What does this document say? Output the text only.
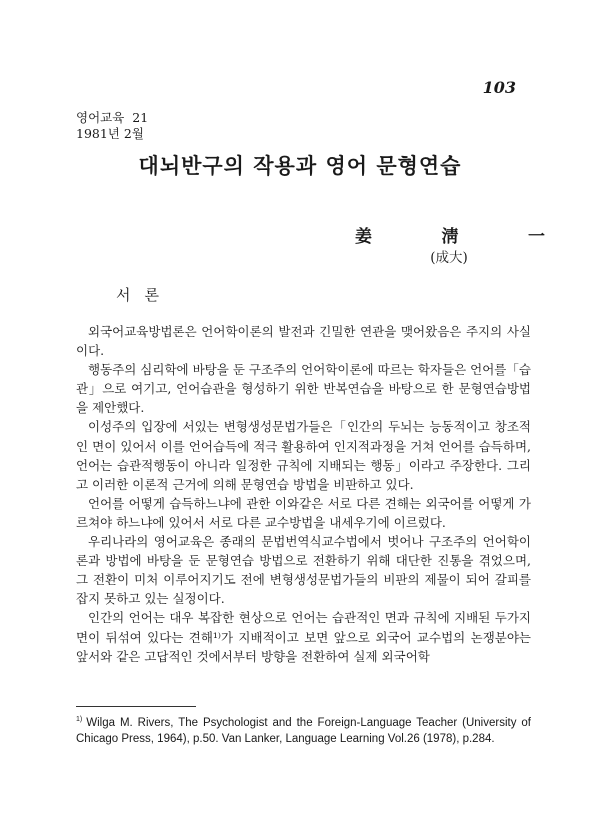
103
영어교육  21
1981년 2월
대뇌반구의 작용과 영어 문형연습
姜	淸	一
(成大)
서론

외국어교육방법론은 언어학이론의 발전과 긴밀한 연관을 맺어왔음은 주지의 사실이다.

행동주의 심리학에 바탕을 둔 구조주의 언어학이론에 따르는 학자들은 언어를「습관」으로 여기고, 언어습관을 형성하기 위한 반복연습을 바탕으로 한 문형연습방법을 제안했다.

이성주의 입장에 서있는 변형생성문법가들은「인간의 두뇌는 능동적이고 창조적인 면이 있어서 이를 언어습득에 적극 활용하여 인지적과정을 거쳐 언어를 습득하며, 언어는 습관적행동이 아니라 일정한 규칙에 지배되는 행동」이라고 주장한다. 그리고 이러한 이론적 근거에 의해 문형연습 방법을 비판하고 있다.

언어를 어떻게 습득하느냐에 관한 이와같은 서로 다른 견해는 외국어를 어떻게 가르쳐야 하느냐에 있어서 서로 다른 교수방법을 내세우기에 이르렀다.

우리나라의 영어교육은 종래의 문법번역식교수법에서 벗어나 구조주의 언어학이론과 방법에 바탕을 둔 문형연습 방법으로 전환하기 위해 대단한 진통을 겪었으며, 그 전환이 미처 이루어지기도 전에 변형생성문법가들의 비판의 제물이 되어 갈피를 잡지 못하고 있는 실정이다.

인간의 언어는 대우 복잡한 현상으로 언어는 습관적인 면과 규칙에 지배된 두가지 면이 뒤섞여 있다는 견해¹⁾가 지배적이고 보면 앞으로 외국어 교수법의 논쟁분야는 앞서와 같은 고답적인 것에서부터 방향을 전환하여 실제 외국어학

$^{1)}$ Wilga M. Rivers, The Psychologist and the Foreign-Language Teacher (University of Chicago Press, 1964), p.50. Van Lanker, Language Learning Vol.26 (1978), p.284.
